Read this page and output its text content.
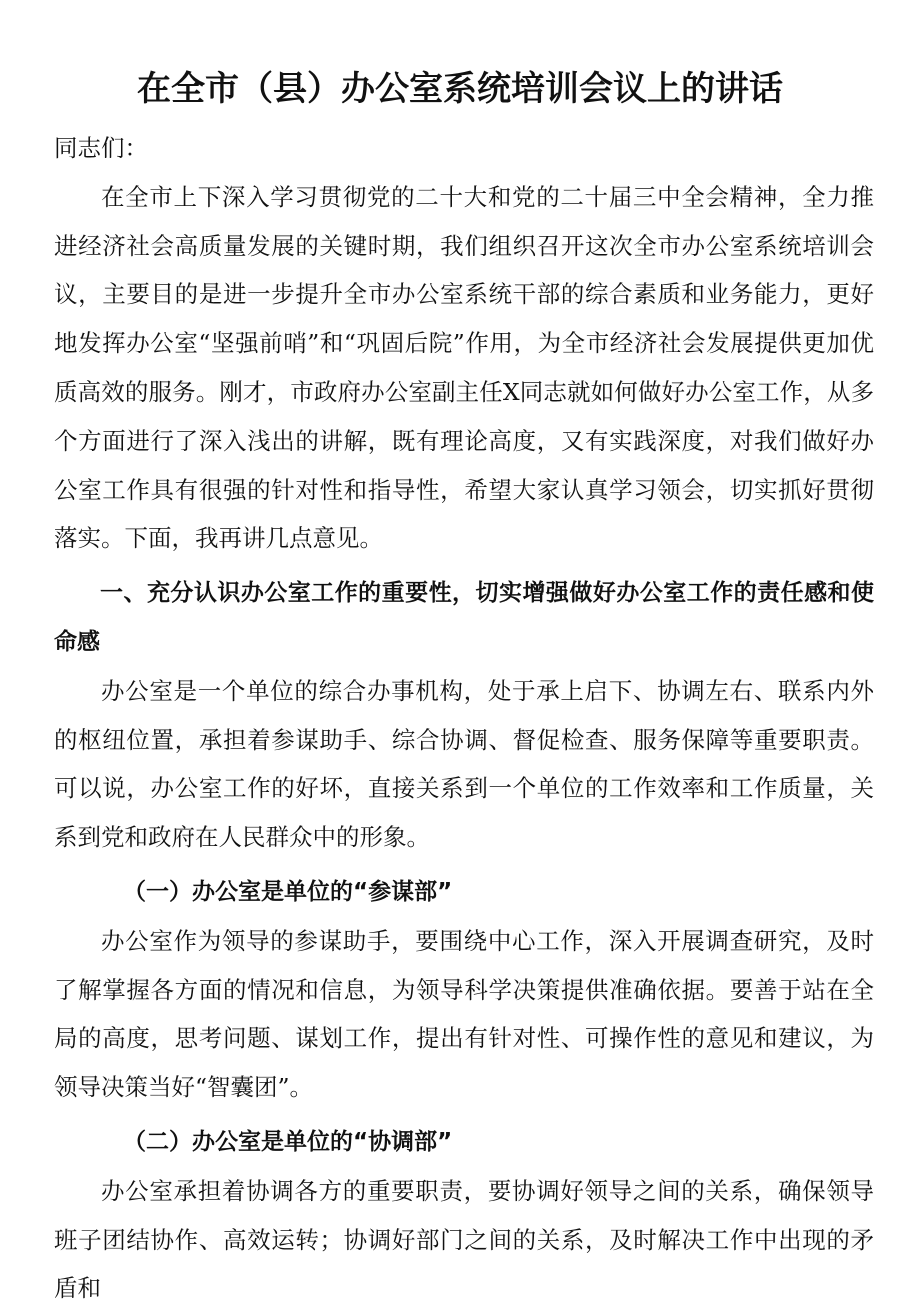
在全市（县）办公室系统培训会议上的讲话

同志们：

在全市上下深入学习贯彻党的二十大和党的二十届三中全会精神，全力推进经济社会高质量发展的关键时期，我们组织召开这次全市办公室系统培训会议，主要目的是进一步提升全市办公室系统干部的综合素质和业务能力，更好地发挥办公室“坚强前哨”和“巩固后院”作用，为全市经济社会发展提供更加优质高效的服务。刚才，市政府办公室副主任X同志就如何做好办公室工作，从多个方面进行了深入浅出的讲解，既有理论高度，又有实践深度，对我们做好办公室工作具有很强的针对性和指导性，希望大家认真学习领会，切实抓好贯彻落实。下面，我再讲几点意见。

一、充分认识办公室工作的重要性，切实增强做好办公室工作的责任感和使命感

办公室是一个单位的综合办事机构，处于承上启下、协调左右、联系内外的枢纽位置，承担着参谋助手、综合协调、督促检查、服务保障等重要职责。可以说，办公室工作的好坏，直接关系到一个单位的工作效率和工作质量，关系到党和政府在人民群众中的形象。

（一）办公室是单位的“参谋部”

办公室作为领导的参谋助手，要围绕中心工作，深入开展调查研究，及时了解掌握各方面的情况和信息，为领导科学决策提供准确依据。要善于站在全局的高度，思考问题、谋划工作，提出有针对性、可操作性的意见和建议，为领导决策当好“智囊团”。

（二）办公室是单位的“协调部”

办公室承担着协调各方的重要职责，要协调好领导之间的关系，确保领导班子团结协作、高效运转；协调好部门之间的关系，及时解决工作中出现的矛盾和
